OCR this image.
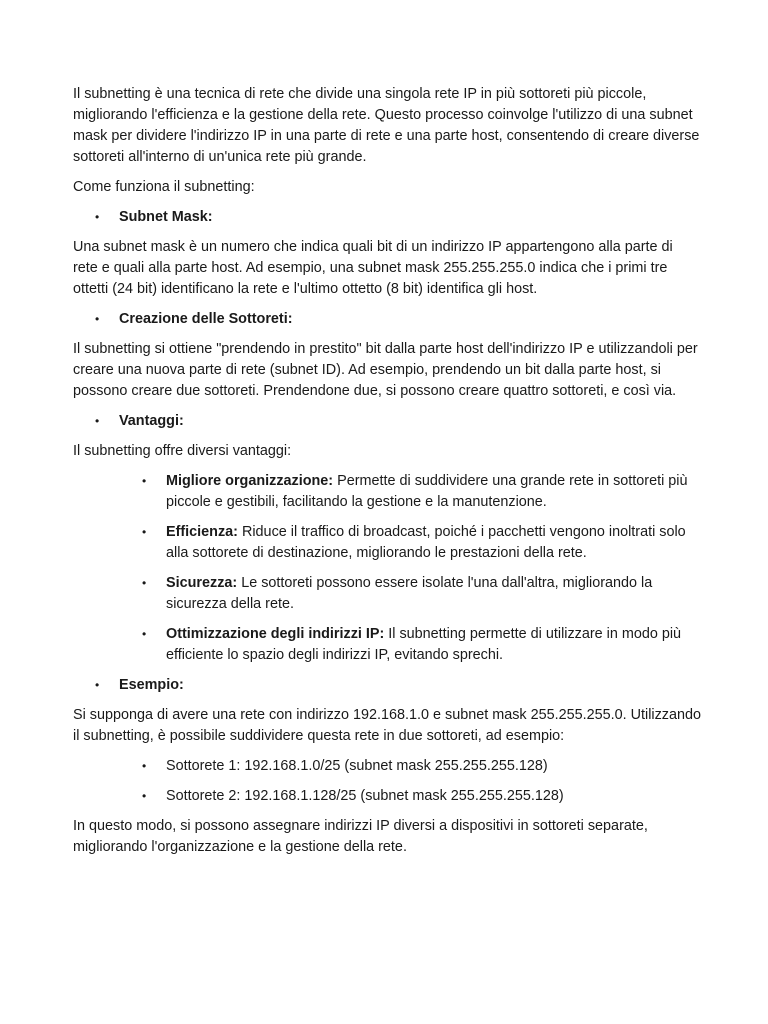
Il subnetting è una tecnica di rete che divide una singola rete IP in più sottoreti più piccole, migliorando l'efficienza e la gestione della rete. Questo processo coinvolge l'utilizzo di una subnet mask per dividere l'indirizzo IP in una parte di rete e una parte host, consentendo di creare diverse sottoreti all'interno di un'unica rete più grande.

Come funziona il subnetting:

• Subnet Mask:

Una subnet mask è un numero che indica quali bit di un indirizzo IP appartengono alla parte di rete e quali alla parte host. Ad esempio, una subnet mask 255.255.255.0 indica che i primi tre ottetti (24 bit) identificano la rete e l'ultimo ottetto (8 bit) identifica gli host.

• Creazione delle Sottoreti:

Il subnetting si ottiene "prendendo in prestito" bit dalla parte host dell'indirizzo IP e utilizzandoli per creare una nuova parte di rete (subnet ID). Ad esempio, prendendo un bit dalla parte host, si possono creare due sottoreti. Prendendone due, si possono creare quattro sottoreti, e così via.

• Vantaggi:

Il subnetting offre diversi vantaggi:

• Migliore organizzazione: Permette di suddividere una grande rete in sottoreti più piccole e gestibili, facilitando la gestione e la manutenzione.
• Efficienza: Riduce il traffico di broadcast, poiché i pacchetti vengono inoltrati solo alla sottorete di destinazione, migliorando le prestazioni della rete.
• Sicurezza: Le sottoreti possono essere isolate l'una dall'altra, migliorando la sicurezza della rete.
• Ottimizzazione degli indirizzi IP: Il subnetting permette di utilizzare in modo più efficiente lo spazio degli indirizzi IP, evitando sprechi.
• Esempio:

Si supponga di avere una rete con indirizzo 192.168.1.0 e subnet mask 255.255.255.0. Utilizzando il subnetting, è possibile suddividere questa rete in due sottoreti, ad esempio:

• Sottorete 1: 192.168.1.0/25 (subnet mask 255.255.255.128)
• Sottorete 2: 192.168.1.128/25 (subnet mask 255.255.255.128)

In questo modo, si possono assegnare indirizzi IP diversi a dispositivi in sottoreti separate, migliorando l'organizzazione e la gestione della rete.
